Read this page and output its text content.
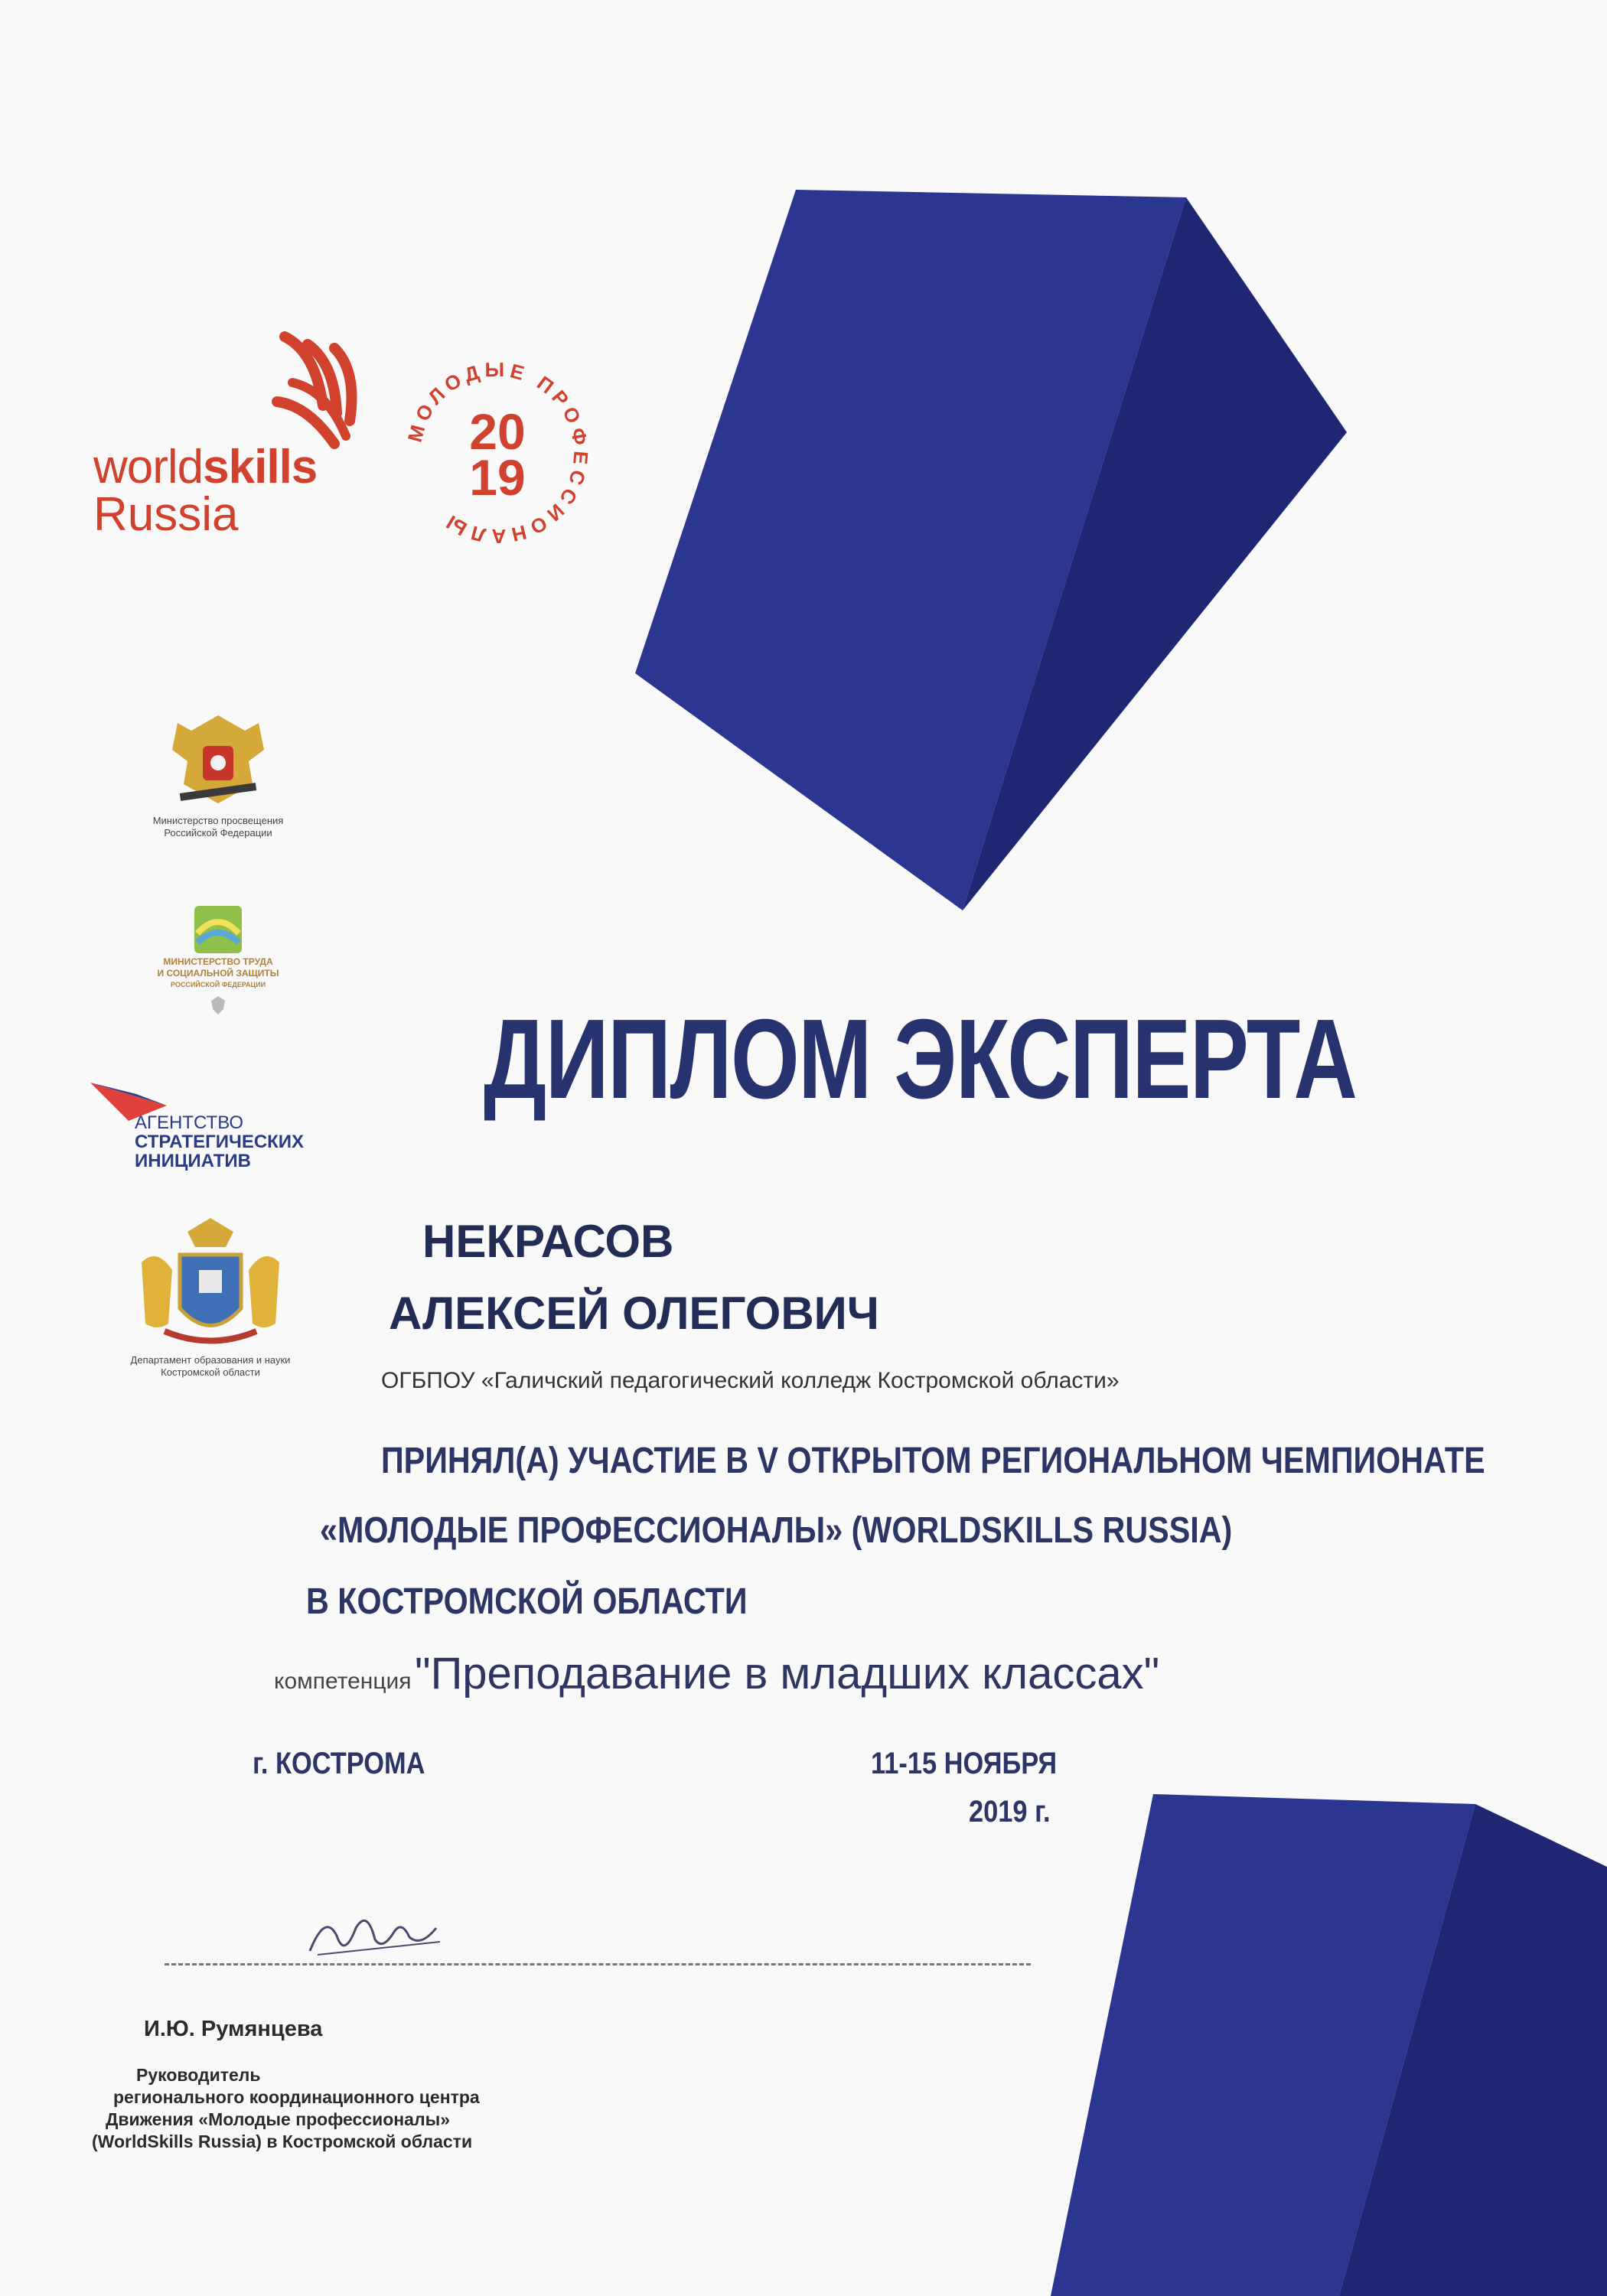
worldskills
Russia
МОЛОДЫЕ ПРОФЕССИОНАЛЫ
20
19
Министерство просвещения
Российской Федерации
МИНИСТЕРСТВО ТРУДА
И СОЦИАЛЬНОЙ ЗАЩИТЫ
РОССИЙСКОЙ ФЕДЕРАЦИИ
АГЕНТСТВО
СТРАТЕГИЧЕСКИХ
ИНИЦИАТИВ
Департамент образования и науки
Костромской области
ДИПЛОМ ЭКСПЕРТА
НЕКРАСОВ
АЛЕКСЕЙ ОЛЕГОВИЧ
ОГБПОУ «Галичский педагогический колледж Костромской области»
ПРИНЯЛ(А) УЧАСТИЕ В V ОТКРЫТОМ РЕГИОНАЛЬНОМ ЧЕМПИОНАТЕ
«МОЛОДЫЕ ПРОФЕССИОНАЛЫ» (WORLDSKILLS RUSSIA)
В КОСТРОМСКОЙ ОБЛАСТИ
компетенция "Преподавание в младших классах"
г. КОСТРОМА	11-15 НОЯБРЯ
2019 г.
И.Ю. Румянцева
Руководитель
регионального координационного центра
Движения «Молодые профессионалы»
(WorldSkills Russia) в Костромской области
